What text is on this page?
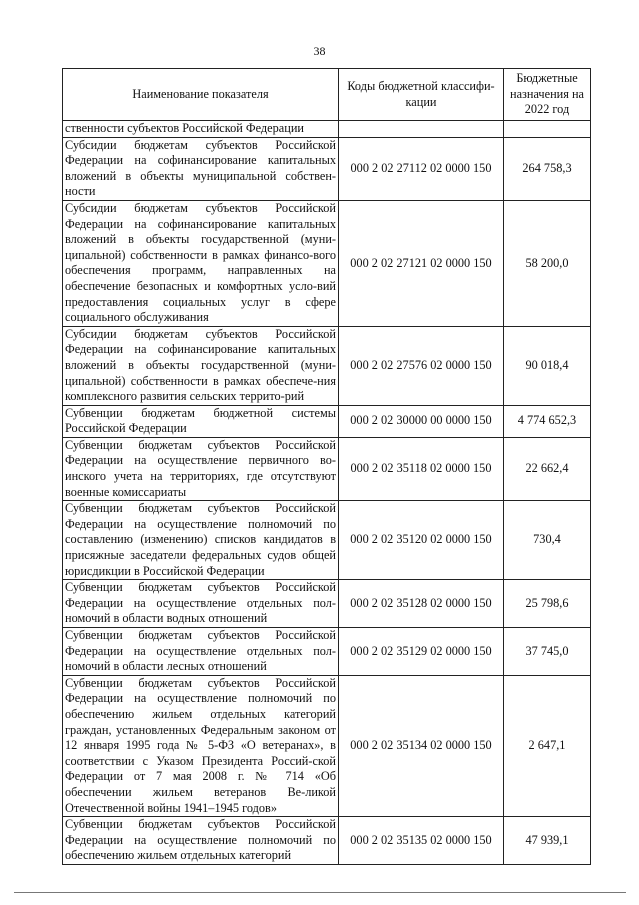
38
Наименование показателя	Коды бюджетной классифи-кации	Бюджетные назначения на 2022 год
ственности субъектов Российской Федерации		
Субсидии бюджетам субъектов Российской Федерации на софинансирование капитальных вложений в объекты муниципальной собствен-ности	000 2 02 27112 02 0000 150	264 758,3
Субсидии бюджетам субъектов Российской Федерации на софинансирование капитальных вложений в объекты государственной (муни-ципальной) собственности в рамках финансо-вого обеспечения программ, направленных на обеспечение безопасных и комфортных усло-вий предоставления социальных услуг в сфере социального обслуживания	000 2 02 27121 02 0000 150	58 200,0
Субсидии бюджетам субъектов Российской Федерации на софинансирование капитальных вложений в объекты государственной (муни-ципальной) собственности в рамках обеспече-ния комплексного развития сельских террито-рий	000 2 02 27576 02 0000 150	90 018,4
Субвенции бюджетам бюджетной системы Российской Федерации	000 2 02 30000 00 0000 150	4 774 652,3
Субвенции бюджетам субъектов Российской Федерации на осуществление первичного во-инского учета на территориях, где отсутствуют военные комиссариаты	000 2 02 35118 02 0000 150	22 662,4
Субвенции бюджетам субъектов Российской Федерации на осуществление полномочий по составлению (изменению) списков кандидатов в присяжные заседатели федеральных судов общей юрисдикции в Российской Федерации	000 2 02 35120 02 0000 150	730,4
Субвенции бюджетам субъектов Российской Федерации на осуществление отдельных пол-номочий в области водных отношений	000 2 02 35128 02 0000 150	25 798,6
Субвенции бюджетам субъектов Российской Федерации на осуществление отдельных пол-номочий в области лесных отношений	000 2 02 35129 02 0000 150	37 745,0
Субвенции бюджетам субъектов Российской Федерации на осуществление полномочий по обеспечению жильем отдельных категорий граждан, установленных Федеральным законом от 12 января 1995 года № 5-ФЗ «О ветеранах», в соответствии с Указом Президента Россий-ской Федерации от 7 мая 2008 г. № 714 «Об обеспечении жильем ветеранов Ве-ликой Отечественной войны 1941–1945 годов»	000 2 02 35134 02 0000 150	2 647,1
Субвенции бюджетам субъектов Российской Федерации на осуществление полномочий по обеспечению жильем отдельных категорий	000 2 02 35135 02 0000 150	47 939,1
